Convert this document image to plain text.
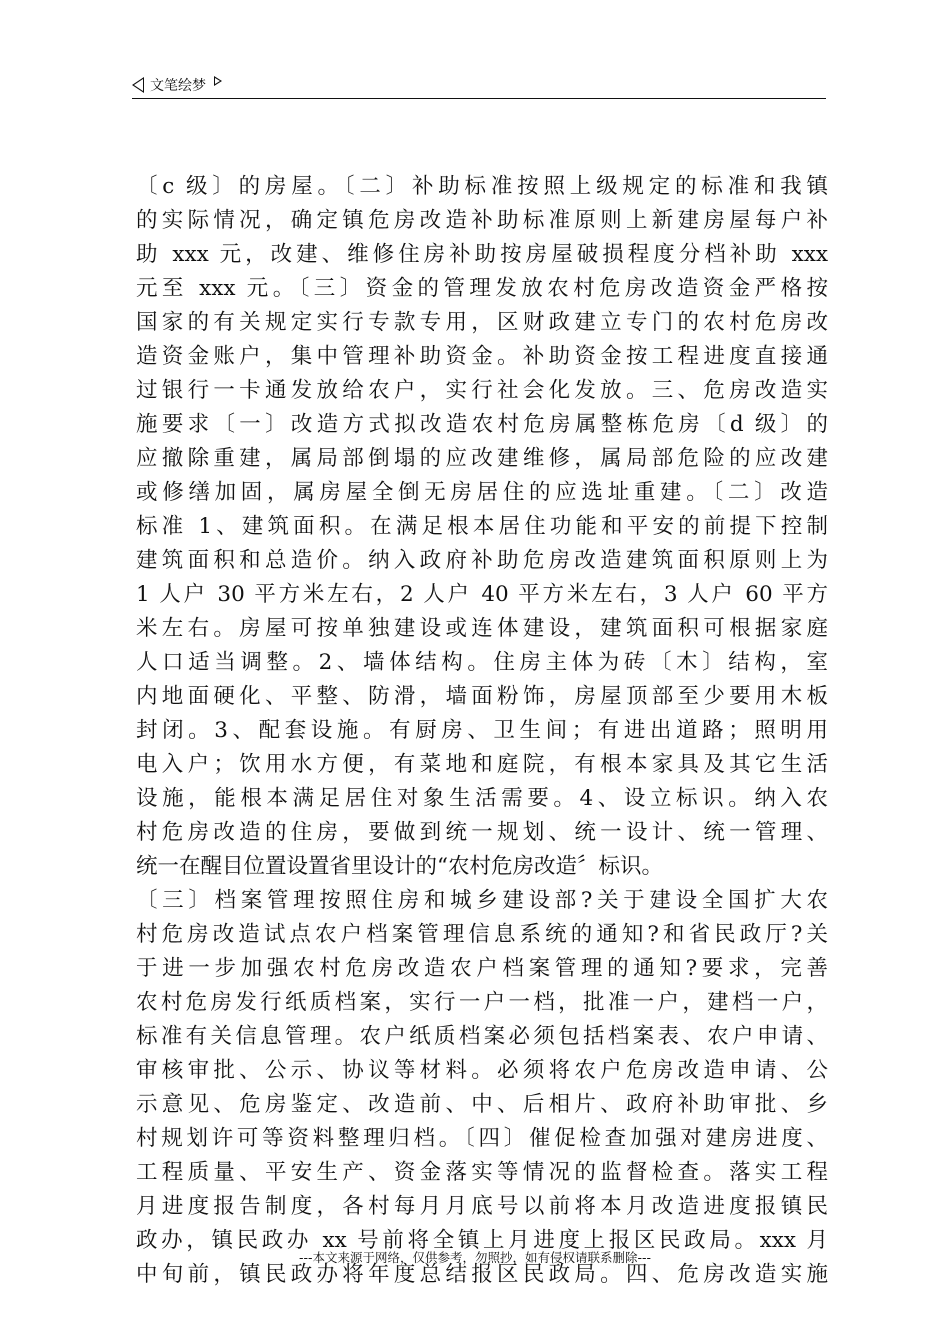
文笔绘梦
〔c 级〕的房屋。〔二〕补助标准按照上级规定的标准和我镇
的实际情况，确定镇危房改造补助标准原则上新建房屋每户补
助 xxx 元，改建、维修住房补助按房屋破损程度分档补助 xxx
元至 xxx 元。〔三〕资金的管理发放农村危房改造资金严格按
国家的有关规定实行专款专用，区财政建立专门的农村危房改
造资金账户，集中管理补助资金。补助资金按工程进度直接通
过银行一卡通发放给农户，实行社会化发放。三、危房改造实
施要求〔一〕改造方式拟改造农村危房属整栋危房〔d 级〕的
应撤除重建，属局部倒塌的应改建维修，属局部危险的应改建
或修缮加固，属房屋全倒无房居住的应选址重建。〔二〕改造
标准 1、建筑面积。在满足根本居住功能和平安的前提下控制
建筑面积和总造价。纳入政府补助危房改造建筑面积原则上为
1 人户 30 平方米左右，2 人户 40 平方米左右，3 人户 60 平方
米左右。房屋可按单独建设或连体建设，建筑面积可根据家庭
人口适当调整。2、墙体结构。住房主体为砖〔木〕结构，室
内地面硬化、平整、防滑，墙面粉饰，房屋顶部至少要用木板
封闭。3、配套设施。有厨房、卫生间；有进出道路；照明用
电入户；饮用水方便，有菜地和庭院，有根本家具及其它生活
设施，能根本满足居住对象生活需要。4、设立标识。纳入农
村危房改造的住房，要做到统一规划、统一设计、统一管理、
统一在醒目位置设置省里设计的“农村危房改造〞标识。
〔三〕档案管理按照住房和城乡建设部?关于建设全国扩大农
村危房改造试点农户档案管理信息系统的通知?和省民政厅?关
于进一步加强农村危房改造农户档案管理的通知?要求，完善
农村危房发行纸质档案，实行一户一档，批准一户，建档一户，
标准有关信息管理。农户纸质档案必须包括档案表、农户申请、
审核审批、公示、协议等材料。必须将农户危房改造申请、公
示意见、危房鉴定、改造前、中、后相片、政府补助审批、乡
村规划许可等资料整理归档。〔四〕催促检查加强对建房进度、
工程质量、平安生产、资金落实等情况的监督检查。落实工程
月进度报告制度，各村每月月底号以前将本月改造进度报镇民
政办，镇民政办 xx 号前将全镇上月进度上报区民政局。xxx 月
中旬前，镇民政办将年度总结报区民政局。四、危房改造实施
---本文来源于网络，仅供参考，勿照抄，如有侵权请联系删除---
